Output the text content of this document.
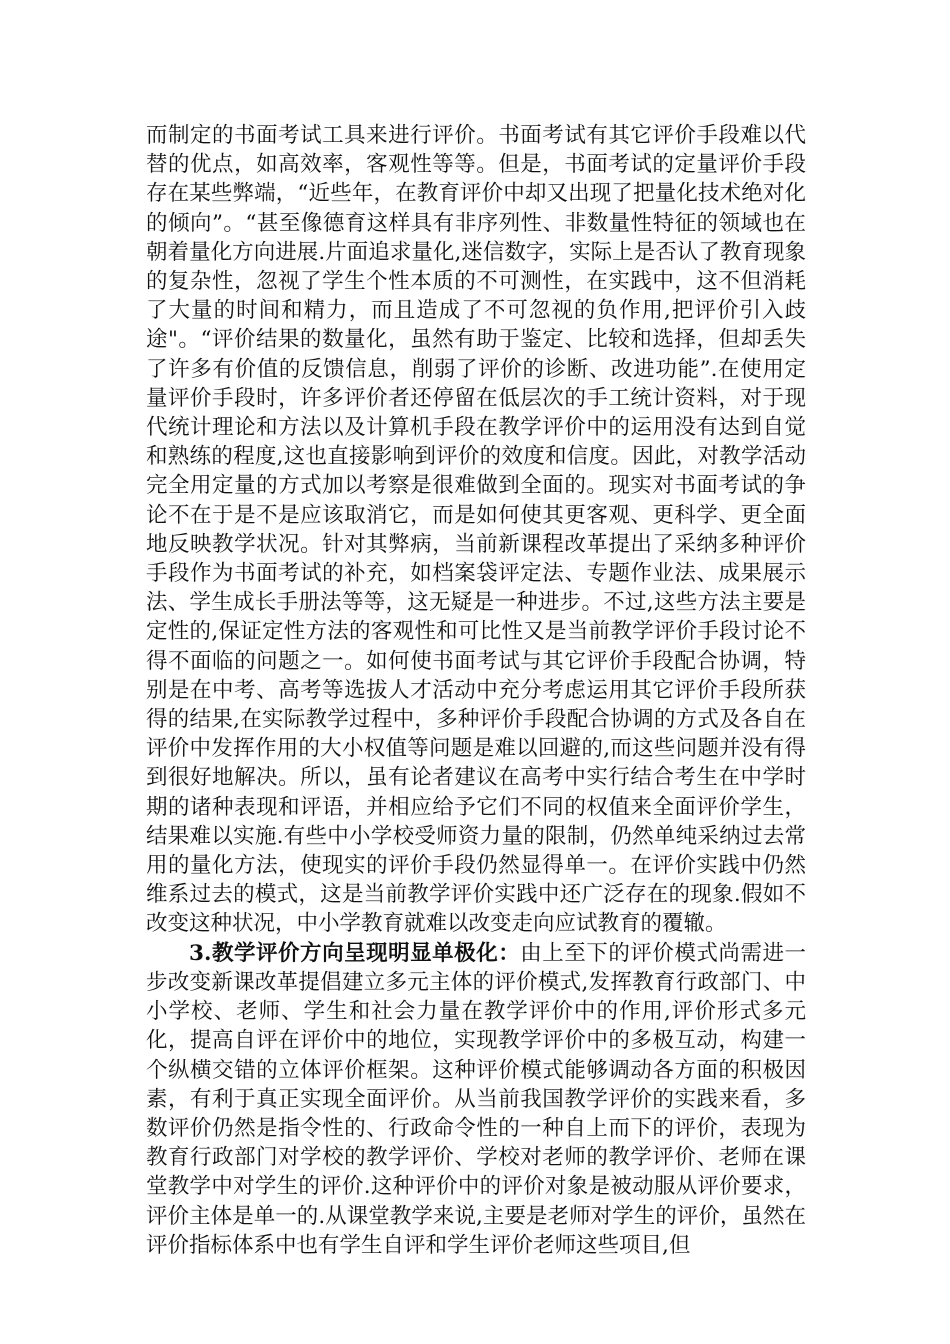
而制定的书面考试工具来进行评价。书面考试有其它评价手段难以代替的优点，如高效率，客观性等等。但是，书面考试的定量评价手段存在某些弊端，“近些年，在教育评价中却又出现了把量化技术绝对化的倾向”。“甚至像德育这样具有非序列性、非数量性特征的领域也在朝着量化方向进展.片面追求量化,迷信数字，实际上是否认了教育现象的复杂性，忽视了学生个性本质的不可测性，在实践中，这不但消耗了大量的时间和精力，而且造成了不可忽视的负作用,把评价引入歧途"。“评价结果的数量化，虽然有助于鉴定、比较和选择，但却丢失了许多有价值的反馈信息，削弱了评价的诊断、改进功能”.在使用定量评价手段时，许多评价者还停留在低层次的手工统计资料，对于现代统计理论和方法以及计算机手段在教学评价中的运用没有达到自觉和熟练的程度,这也直接影响到评价的效度和信度。因此，对教学活动完全用定量的方式加以考察是很难做到全面的。现实对书面考试的争论不在于是不是应该取消它，而是如何使其更客观、更科学、更全面地反映教学状况。针对其弊病，当前新课程改革提出了采纳多种评价手段作为书面考试的补充，如档案袋评定法、专题作业法、成果展示法、学生成长手册法等等，这无疑是一种进步。不过,这些方法主要是定性的,保证定性方法的客观性和可比性又是当前教学评价手段讨论不得不面临的问题之一。如何使书面考试与其它评价手段配合协调，特别是在中考、高考等选拔人才活动中充分考虑运用其它评价手段所获得的结果,在实际教学过程中，多种评价手段配合协调的方式及各自在评价中发挥作用的大小权值等问题是难以回避的,而这些问题并没有得到很好地解决。所以，虽有论者建议在高考中实行结合考生在中学时期的诸种表现和评语，并相应给予它们不同的权值来全面评价学生，结果难以实施.有些中小学校受师资力量的限制，仍然单纯采纳过去常用的量化方法，使现实的评价手段仍然显得单一。在评价实践中仍然维系过去的模式，这是当前教学评价实践中还广泛存在的现象.假如不改变这种状况，中小学教育就难以改变走向应试教育的覆辙。

3.教学评价方向呈现明显单极化：由上至下的评价模式尚需进一步改变新课改革提倡建立多元主体的评价模式,发挥教育行政部门、中小学校、老师、学生和社会力量在教学评价中的作用,评价形式多元化，提高自评在评价中的地位，实现教学评价中的多极互动，构建一个纵横交错的立体评价框架。这种评价模式能够调动各方面的积极因素，有利于真正实现全面评价。从当前我国教学评价的实践来看，多数评价仍然是指令性的、行政命令性的一种自上而下的评价，表现为教育行政部门对学校的教学评价、学校对老师的教学评价、老师在课堂教学中对学生的评价.这种评价中的评价对象是被动服从评价要求，评价主体是单一的.从课堂教学来说,主要是老师对学生的评价，虽然在评价指标体系中也有学生自评和学生评价老师这些项目,但
